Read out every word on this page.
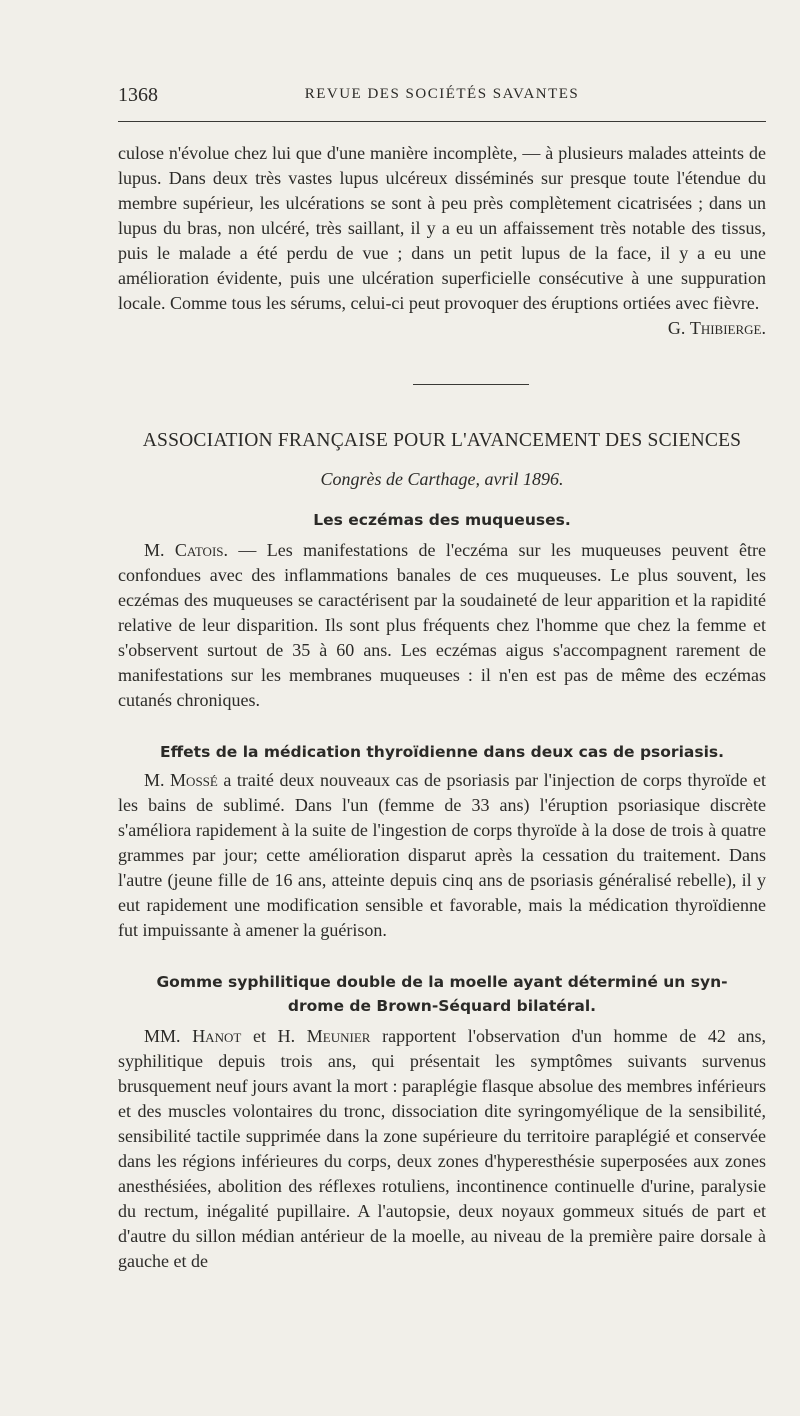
1368	REVUE DES SOCIÉTÉS SAVANTES

culose n'évolue chez lui que d'une manière incomplète, — à plusieurs malades atteints de lupus. Dans deux très vastes lupus ulcéreux disséminés sur presque toute l'étendue du membre supérieur, les ulcérations se sont à peu près complètement cicatrisées ; dans un lupus du bras, non ulcéré, très saillant, il y a eu un affaissement très notable des tissus, puis le malade a été perdu de vue ; dans un petit lupus de la face, il y a eu une amélioration évidente, puis une ulcération superficielle consécutive à une suppuration locale. Comme tous les sérums, celui-ci peut provoquer des éruptions ortiées avec fièvre.
G. Thibierge.

ASSOCIATION FRANÇAISE POUR L'AVANCEMENT DES SCIENCES
Congrès de Carthage, avril 1896.
Les eczémas des muqueuses.

M. Catois. — Les manifestations de l'eczéma sur les muqueuses peuvent être confondues avec des inflammations banales de ces muqueuses. Le plus souvent, les eczémas des muqueuses se caractérisent par la soudaineté de leur apparition et la rapidité relative de leur disparition. Ils sont plus fréquents chez l'homme que chez la femme et s'observent surtout de 35 à 60 ans. Les eczémas aigus s'accompagnent rarement de manifestations sur les membranes muqueuses : il n'en est pas de même des eczémas cutanés chroniques.

Effets de la médication thyroïdienne dans deux cas de psoriasis.

M. Mossé a traité deux nouveaux cas de psoriasis par l'injection de corps thyroïde et les bains de sublimé. Dans l'un (femme de 33 ans) l'éruption psoriasique discrète s'améliora rapidement à la suite de l'ingestion de corps thyroïde à la dose de trois à quatre grammes par jour; cette amélioration disparut après la cessation du traitement. Dans l'autre (jeune fille de 16 ans, atteinte depuis cinq ans de psoriasis généralisé rebelle), il y eut rapidement une modification sensible et favorable, mais la médication thyroïdienne fut impuissante à amener la guérison.

Gomme syphilitique double de la moelle ayant déterminé un syn-
drome de Brown-Séquard bilatéral.

MM. Hanot et H. Meunier rapportent l'observation d'un homme de 42 ans, syphilitique depuis trois ans, qui présentait les symptômes suivants survenus brusquement neuf jours avant la mort : paraplégie flasque absolue des membres inférieurs et des muscles volontaires du tronc, dissociation dite syringomyélique de la sensibilité, sensibilité tactile supprimée dans la zone supérieure du territoire paraplégié et conservée dans les régions inférieures du corps, deux zones d'hyperesthésie superposées aux zones anesthésiées, abolition des réflexes rotuliens, incontinence continuelle d'urine, paralysie du rectum, inégalité pupillaire. A l'autopsie, deux noyaux gommeux situés de part et d'autre du sillon médian antérieur de la moelle, au niveau de la première paire dorsale à gauche et de
